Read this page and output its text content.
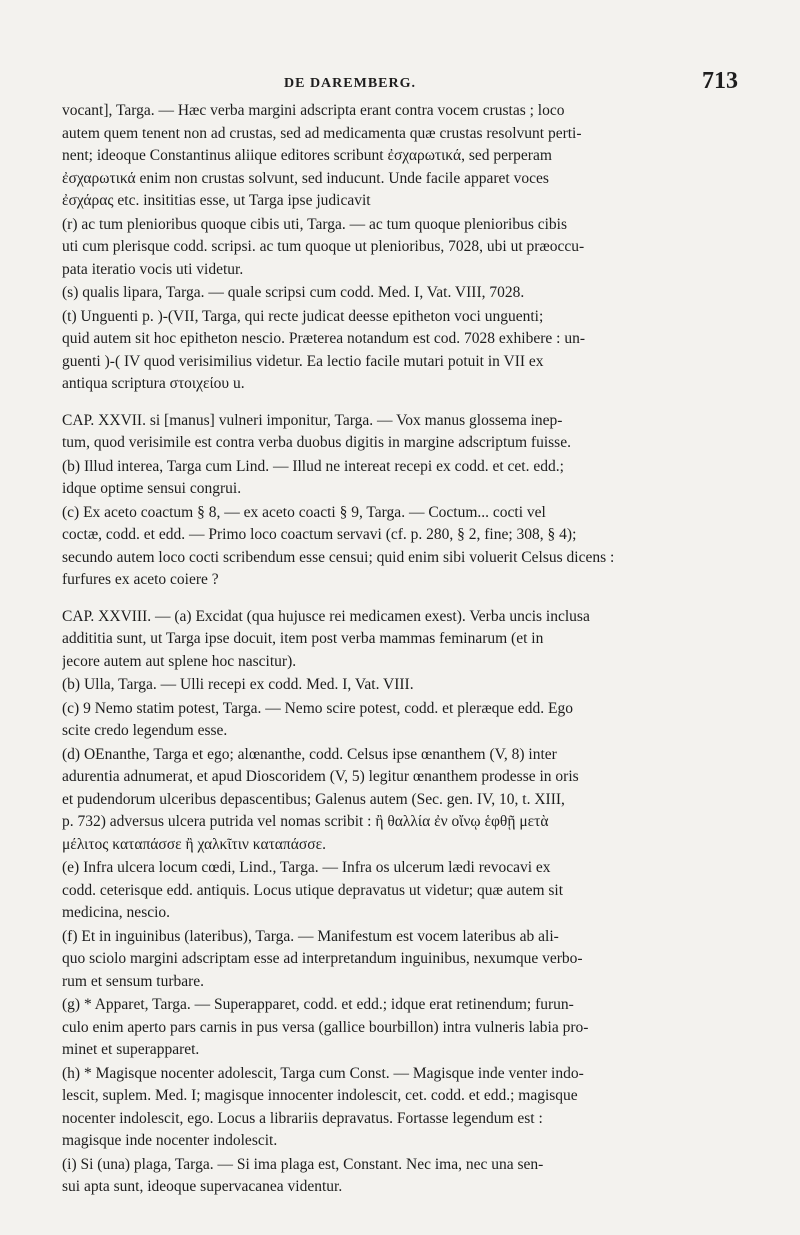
DE DAREMBERG.	713
vocant], Targa. — Hæc verba margini adscripta erant contra vocem crustas ; loco
autem quem tenent non ad crustas, sed ad medicamenta quæ crustas resolvunt perti-
nent; ideoque Constantinus aliique editores scribunt ἐσχαρωτικά, sed perperam
ἐσχαρωτικά enim non crustas solvunt, sed inducunt. Unde facile apparet voces
ἐσχάρας etc. insititias esse, ut Targa ipse judicavit
(r) ac tum plenioribus quoque cibis uti, Targa. — ac tum quoque plenioribus cibis
uti cum plerisque codd. scripsi. ac tum quoque ut plenioribus, 7028, ubi ut præoccu-
pata iteratio vocis uti videtur.
(s) qualis lipara, Targa. — quale scripsi cum codd. Med. I, Vat. VIII, 7028.
(t) Unguenti p. )-(VII, Targa, qui recte judicat deesse epitheton voci unguenti;
quid autem sit hoc epitheton nescio. Præterea notandum est cod. 7028 exhibere : un-
guenti )-( IV quod verisimilius videtur. Ea lectio facile mutari potuit in VII ex
antiqua scriptura στοιχείου u.
CAP. XXVII. si [manus] vulneri imponitur, Targa. — Vox manus glossema inep-
tum, quod verisimile est contra verba duobus digitis in margine adscriptum fuisse.
(b) Illud interea, Targa cum Lind. — Illud ne intereat recepi ex codd. et cet. edd.;
idque optime sensui congrui.
(c) Ex aceto coactum § 8, — ex aceto coacti § 9, Targa. — Coctum... cocti vel
coctæ, codd. et edd. — Primo loco coactum servavi (cf. p. 280, § 2, fine; 308, § 4);
secundo autem loco cocti scribendum esse censui; quid enim sibi voluerit Celsus dicens :
furfures ex aceto coiere ?
CAP. XXVIII. — (a) Excidat (qua hujusce rei medicamen exest). Verba uncis inclusa
addititia sunt, ut Targa ipse docuit, item post verba mammas feminarum (et in
jecore autem aut splene hoc nascitur).
(b) Ulla, Targa. — Ulli recepi ex codd. Med. I, Vat. VIII.
(c) 9 Nemo statim potest, Targa. — Nemo scire potest, codd. et pleræque edd. Ego
scite credo legendum esse.
(d) OEnanthe, Targa et ego; alœnanthe, codd. Celsus ipse œnanthem (V, 8) inter
adurentia adnumerat, et apud Dioscoridem (V, 5) legitur œnanthem prodesse in oris
et pudendorum ulceribus depascentibus; Galenus autem (Sec. gen. IV, 10, t. XIII,
p. 732) adversus ulcera putrida vel nomas scribit : ἢ θαλλία ἐν οἴνῳ ἑφθῇ μετὰ
μέλιτος καταπάσσε ἢ χαλκῖτιν καταπάσσε.
(e) Infra ulcera locum cœdi, Lind., Targa. — Infra os ulcerum lædi revocavi ex
codd. ceterisque edd. antiquis. Locus utique depravatus ut videtur; quæ autem sit
medicina, nescio.
(f) Et in inguinibus (lateribus), Targa. — Manifestum est vocem lateribus ab ali-
quo sciolo margini adscriptam esse ad interpretandum inguinibus, nexumque verbo-
rum et sensum turbare.
(g) * Apparet, Targa. — Superapparet, codd. et edd.; idque erat retinendum; furun-
culo enim aperto pars carnis in pus versa (gallice bourbillon) intra vulneris labia pro-
minet et superapparet.
(h) * Magisque nocenter adolescit, Targa cum Const. — Magisque inde venter indo-
lescit, suplem. Med. I; magisque innocenter indolescit, cet. codd. et edd.; magisque
nocenter indolescit, ego. Locus a librariis depravatus. Fortasse legendum est :
magisque inde nocenter indolescit.
(i) Si (una) plaga, Targa. — Si ima plaga est, Constant. Nec ima, nec una sen-
sui apta sunt, ideoque supervacanea videntur.
